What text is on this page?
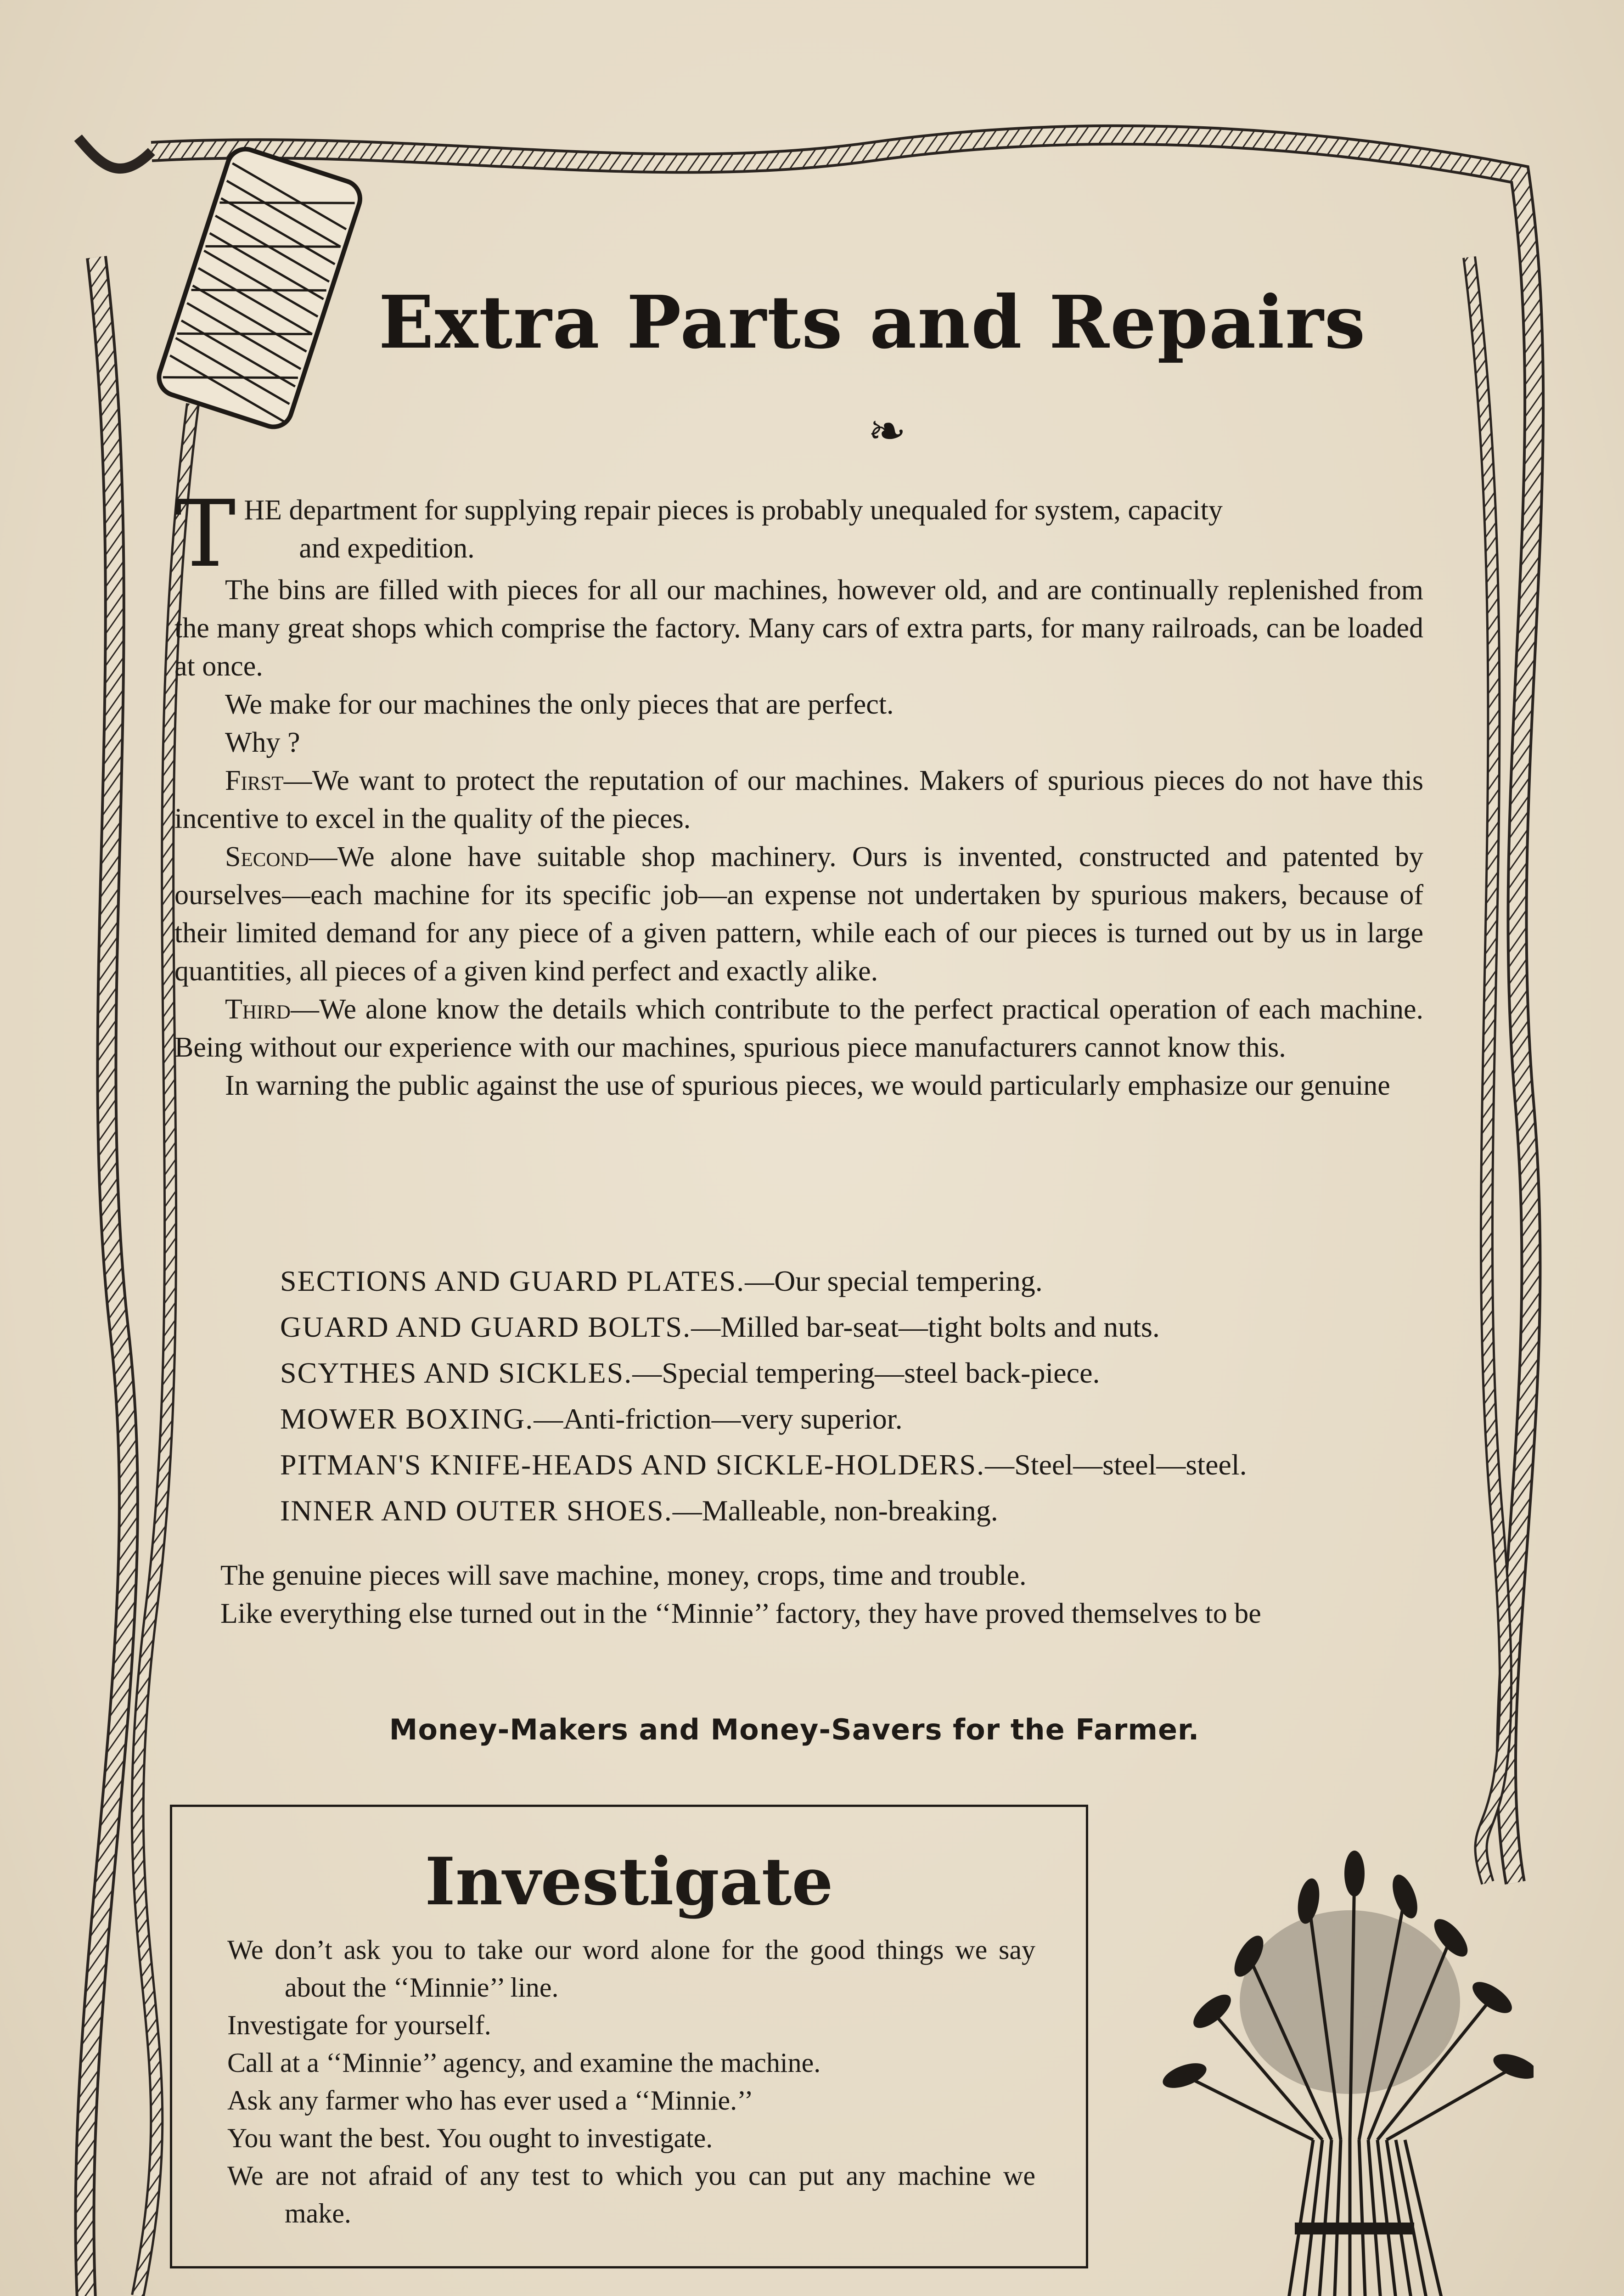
Extra Parts and Repairs
❧

THE department for supplying repair pieces is probably unequaled for system, capacity
and expedition.

The bins are filled with pieces for all our machines, however old, and are continually replenished from the many great shops which comprise the factory. Many cars of extra parts, for many railroads, can be loaded at once.

We make for our machines the only pieces that are perfect.

Why ?

First—We want to protect the reputation of our machines. Makers of spurious pieces do not have this incentive to excel in the quality of the pieces.

Second—We alone have suitable shop machinery. Ours is invented, constructed and patented by ourselves—each machine for its specific job—an expense not undertaken by spurious makers, because of their limited demand for any piece of a given pattern, while each of our pieces is turned out by us in large quantities, all pieces of a given kind perfect and exactly alike.

Third—We alone know the details which contribute to the perfect practical operation of each machine. Being without our experience with our machines, spurious piece manufacturers cannot know this.

In warning the public against the use of spurious pieces, we would particularly emphasize our genuine

SECTIONS AND GUARD PLATES.—Our special tempering.
GUARD AND GUARD BOLTS.—Milled bar-seat—tight bolts and nuts.
SCYTHES AND SICKLES.—Special tempering—steel back-piece.
MOWER BOXING.—Anti-friction—very superior.
PITMAN'S KNIFE-HEADS AND SICKLE-HOLDERS.—Steel—steel—steel.
INNER AND OUTER SHOES.—Malleable, non-breaking.

The genuine pieces will save machine, money, crops, time and trouble.

Like everything else turned out in the ‘‘Minnie’’ factory, they have proved themselves to be

Money-Makers and Money-Savers for the Farmer.
Investigate

We don’t ask you to take our word alone for the good things we say about the ‘‘Minnie’’ line.

Investigate for yourself.

Call at a ‘‘Minnie’’ agency, and examine the machine.

Ask any farmer who has ever used a ‘‘Minnie.’’

You want the best. You ought to investigate.

We are not afraid of any test to which you can put any machine we make.
